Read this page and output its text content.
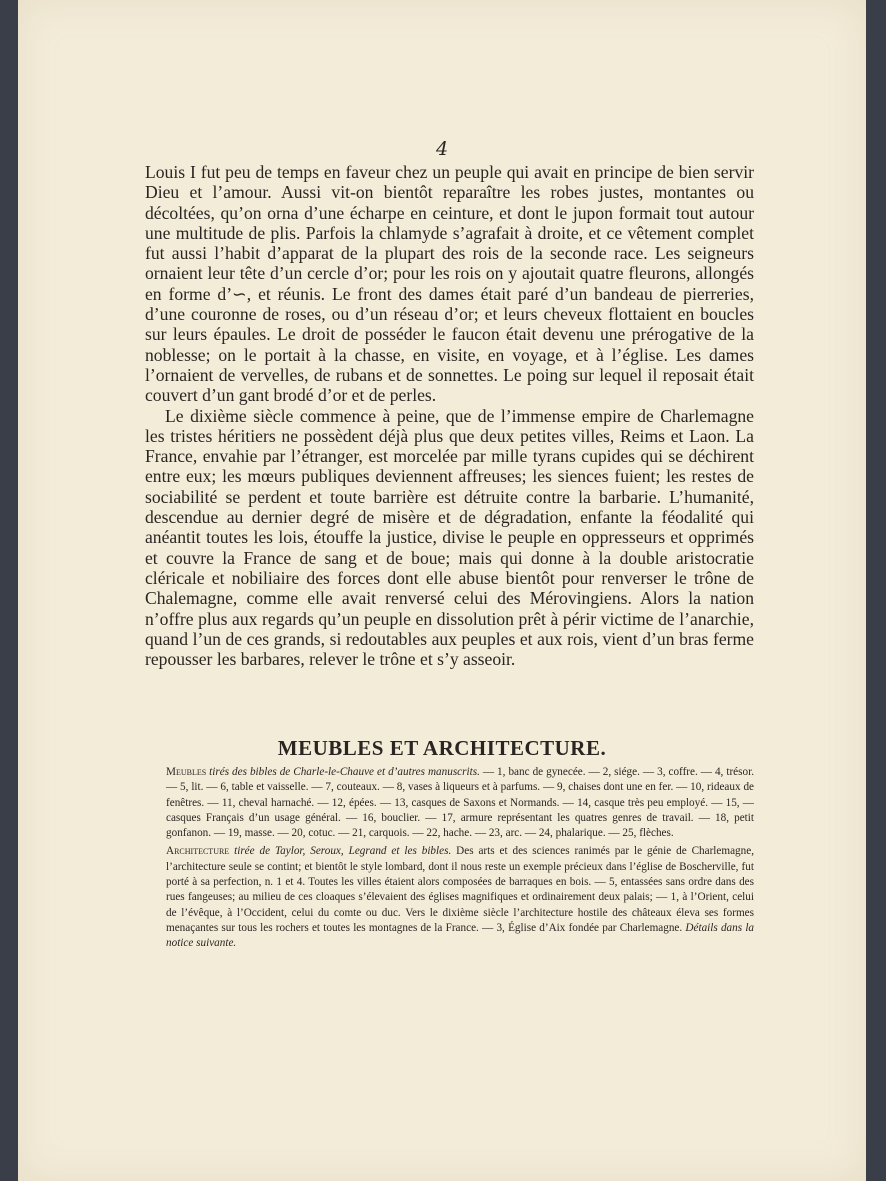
4

Louis I fut peu de temps en faveur chez un peuple qui avait en principe de bien servir Dieu et l’amour. Aussi vit-on bientôt reparaître les robes justes, montantes ou décoltées, qu’on orna d’une écharpe en ceinture, et dont le jupon formait tout autour une multitude de plis. Parfois la chlamyde s’agrafait à droite, et ce vêtement complet fut aussi l’habit d’apparat de la plupart des rois de la seconde race. Les seigneurs ornaient leur tête d’un cercle d’or; pour les rois on y ajoutait quatre fleurons, allongés en forme d’∽, et réunis. Le front des dames était paré d’un bandeau de pierreries, d’une couronne de roses, ou d’un réseau d’or; et leurs cheveux flottaient en boucles sur leurs épaules. Le droit de posséder le faucon était devenu une prérogative de la noblesse; on le portait à la chasse, en visite, en voyage, et à l’église. Les dames l’ornaient de vervelles, de rubans et de sonnettes. Le poing sur lequel il reposait était couvert d’un gant brodé d’or et de perles.

Le dixième siècle commence à peine, que de l’immense empire de Charlemagne les tristes héritiers ne possèdent déjà plus que deux petites villes, Reims et Laon. La France, envahie par l’étranger, est morcelée par mille tyrans cupides qui se déchirent entre eux; les mœurs publiques deviennent affreuses; les siences fuient; les restes de sociabilité se perdent et toute barrière est détruite contre la barbarie. L’humanité, descendue au dernier degré de misère et de dégradation, enfante la féodalité qui anéantit toutes les lois, étouffe la justice, divise le peuple en oppresseurs et opprimés et couvre la France de sang et de boue; mais qui donne à la double aristocratie cléricale et nobiliaire des forces dont elle abuse bientôt pour renverser le trône de Chalemagne, comme elle avait renversé celui des Mérovingiens. Alors la nation n’offre plus aux regards qu’un peuple en dissolution prêt à périr victime de l’anarchie, quand l’un de ces grands, si redoutables aux peuples et aux rois, vient d’un bras ferme repousser les barbares, relever le trône et s’y asseoir.

MEUBLES ET ARCHITECTURE.

Meubles tirés des bibles de Charle-le-Chauve et d’autres manuscrits. — 1, banc de gynecée. — 2, siége. — 3, coffre. — 4, trésor. — 5, lit. — 6, table et vaisselle. — 7, couteaux. — 8, vases à liqueurs et à parfums. — 9, chaises dont une en fer. — 10, rideaux de fenêtres. — 11, cheval harnaché. — 12, épées. — 13, casques de Saxons et Normands. — 14, casque très peu employé. — 15, — casques Français d’un usage général. — 16, bouclier. — 17, armure représentant les quatres genres de travail. — 18, petit gonfanon. — 19, masse. — 20, cotuc. — 21, carquois. — 22, hache. — 23, arc. — 24, phalarique. — 25, flèches.

Architecture tirée de Taylor, Seroux, Legrand et les bibles. Des arts et des sciences ranimés par le génie de Charlemagne, l’architecture seule se contint; et bientôt le style lombard, dont il nous reste un exemple précieux dans l’église de Boscherville, fut porté à sa perfection, n. 1 et 4. Toutes les villes étaient alors composées de barraques en bois. — 5, entassées sans ordre dans des rues fangeuses; au milieu de ces cloaques s’élevaient des églises magnifiques et ordinairement deux palais; — 1, à l’Orient, celui de l’évêque, à l’Occident, celui du comte ou duc. Vers le dixième siècle l’architecture hostile des châteaux éleva ses formes menaçantes sur tous les rochers et toutes les montagnes de la France. — 3, Église d’Aix fondée par Charlemagne. Détails dans la notice suivante.
